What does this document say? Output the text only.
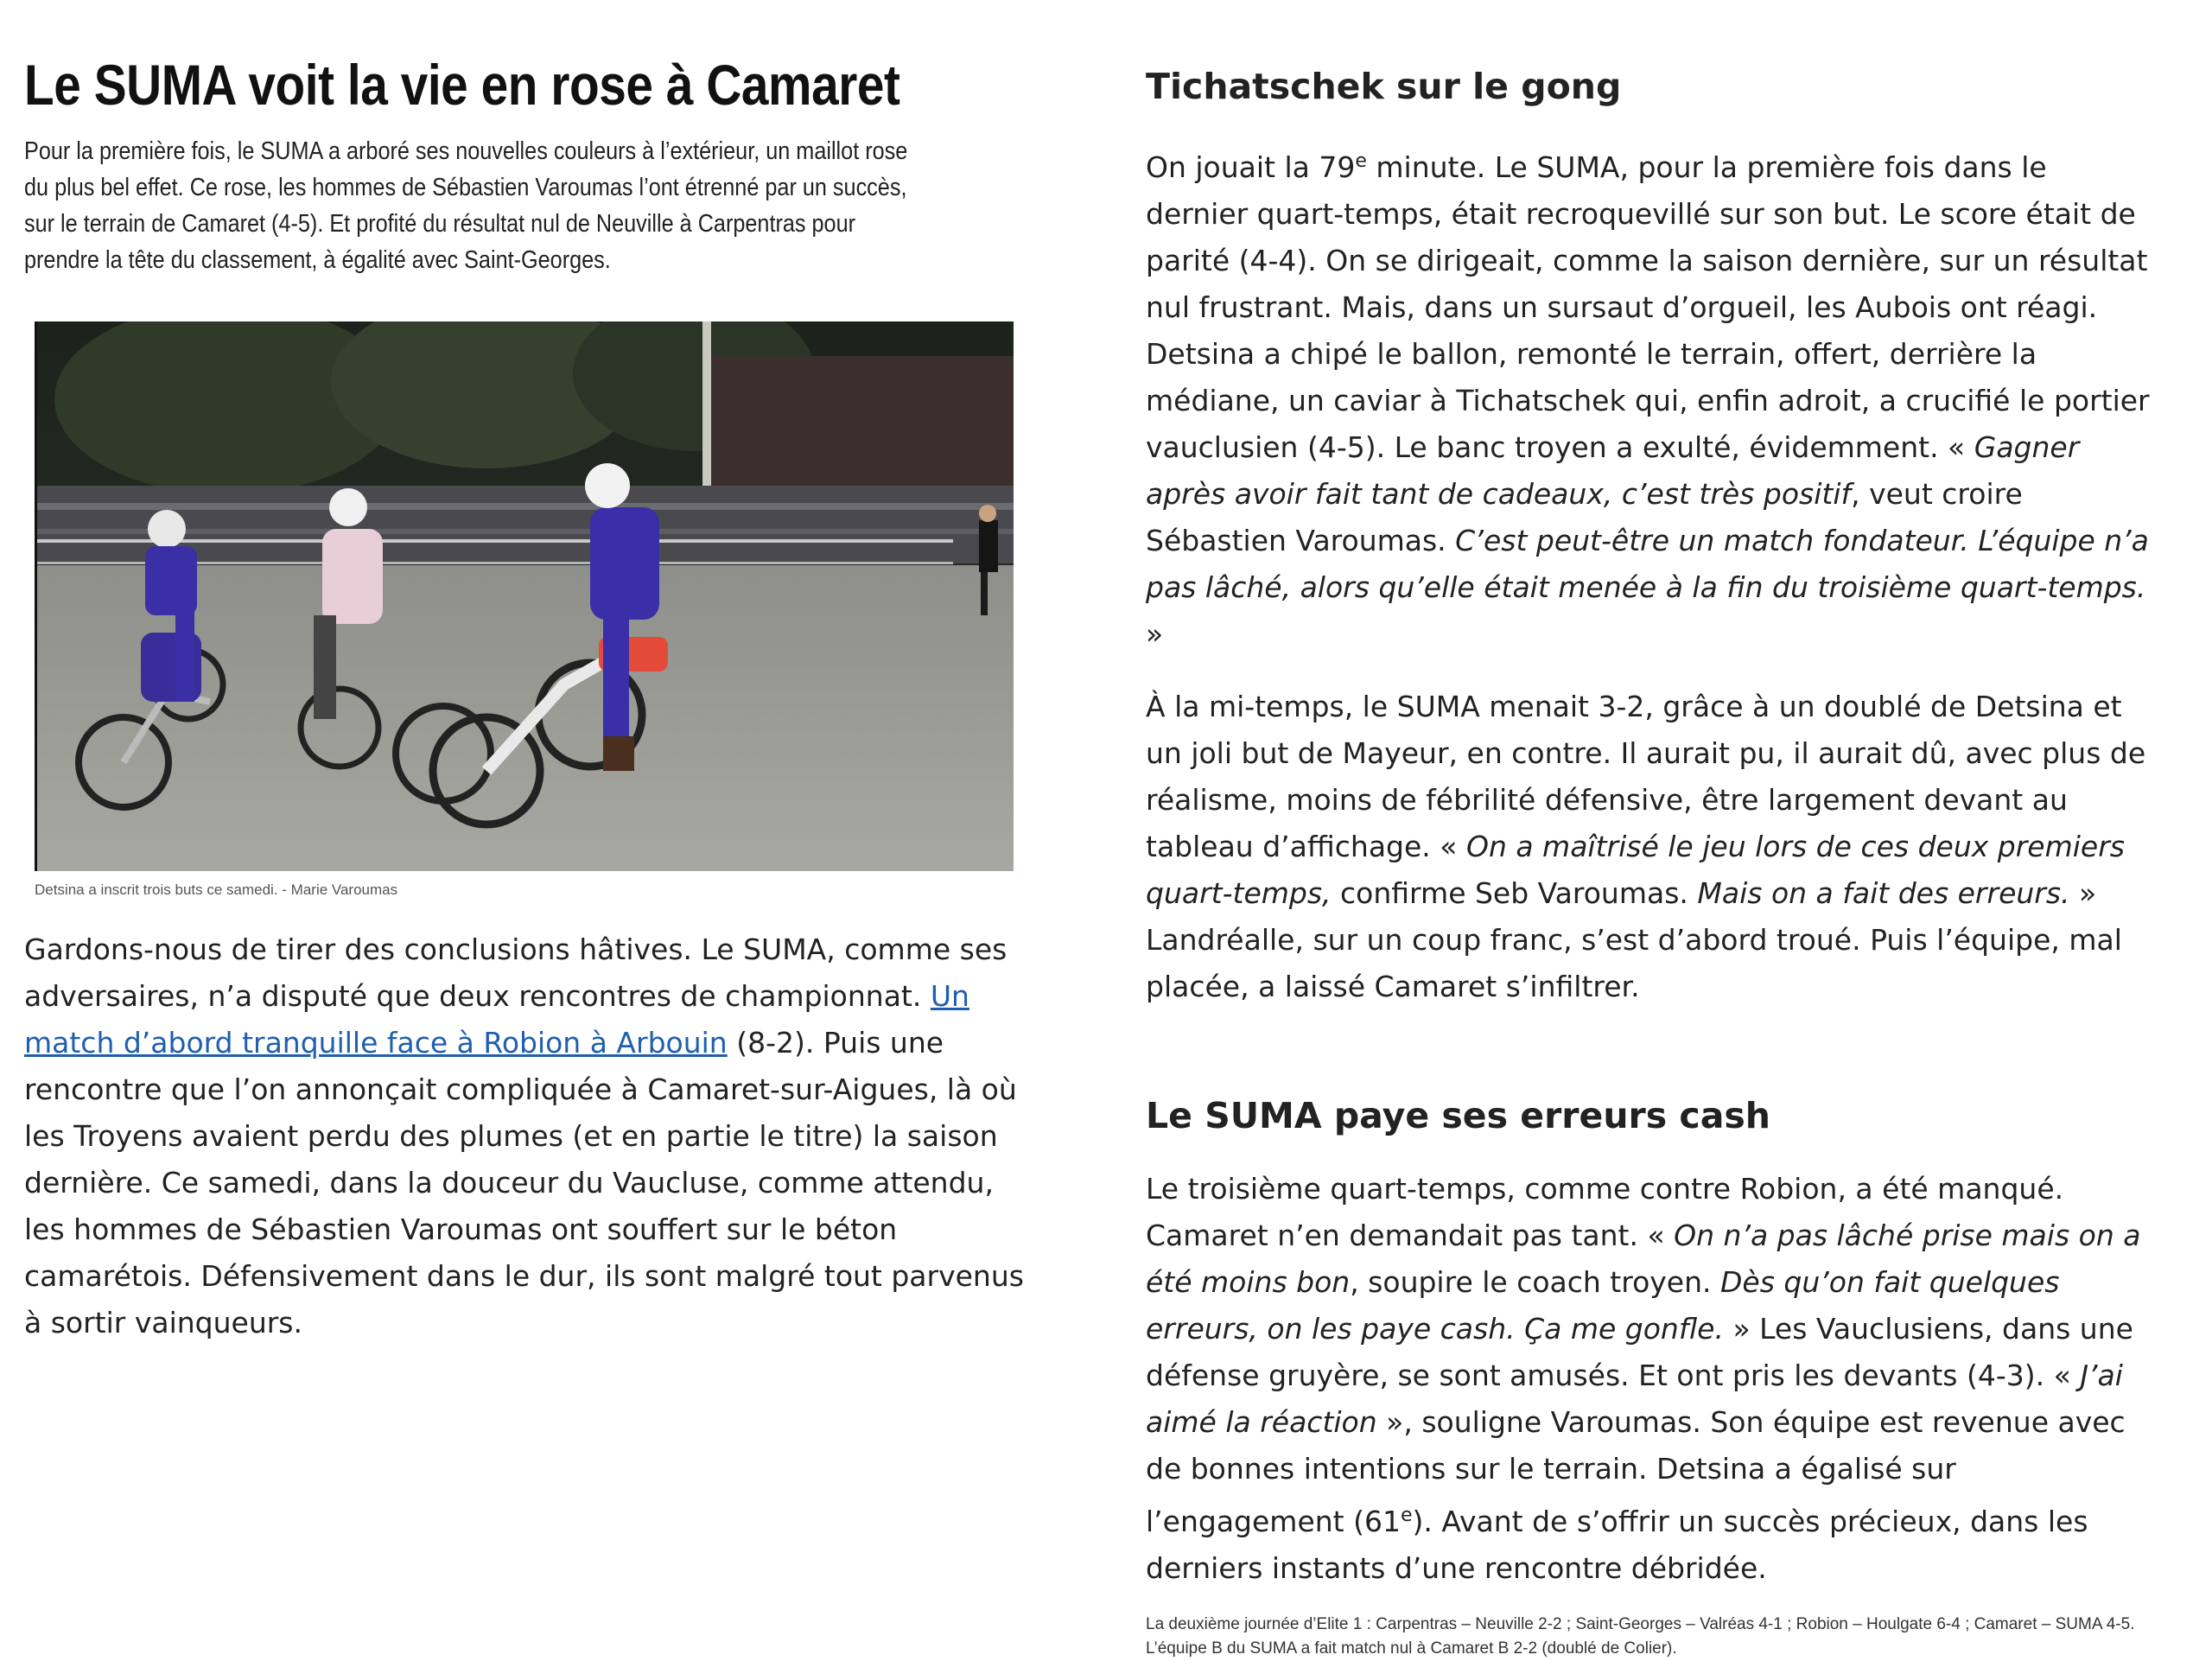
Le SUMA voit la vie en rose à Camaret
Pour la première fois, le SUMA a arboré ses nouvelles couleurs à l’extérieur, un maillot rose du plus bel effet. Ce rose, les hommes de Sébastien Varoumas l’ont étrenné par un succès, sur le terrain de Camaret (4-5). Et profité du résultat nul de Neuville à Carpentras pour prendre la tête du classement, à égalité avec Saint-Georges.
Detsina a inscrit trois buts ce samedi. - Marie Varoumas

Gardons-nous de tirer des conclusions hâtives. Le SUMA, comme ses adversaires, n’a disputé que deux rencontres de championnat. Un match d’abord tranquille face à Robion à Arbouin (8-2). Puis une rencontre que l’on annonçait compliquée à Camaret-sur-Aigues, là où les Troyens avaient perdu des plumes (et en partie le titre) la saison dernière. Ce samedi, dans la douceur du Vaucluse, comme attendu, les hommes de Sébastien Varoumas ont souffert sur le béton camarétois. Défensivement dans le dur, ils sont malgré tout parvenus à sortir vainqueurs.

Tichatschek sur le gong

On jouait la 79e minute. Le SUMA, pour la première fois dans le dernier quart-temps, était recroquevillé sur son but. Le score était de parité (4-4). On se dirigeait, comme la saison dernière, sur un résultat nul frustrant. Mais, dans un sursaut d’orgueil, les Aubois ont réagi. Detsina a chipé le ballon, remonté le terrain, offert, derrière la médiane, un caviar à Tichatschek qui, enfin adroit, a crucifié le portier vauclusien (4-5). Le banc troyen a exulté, évidemment. « Gagner après avoir fait tant de cadeaux, c’est très positif, veut croire Sébastien Varoumas. C’est peut-être un match fondateur. L’équipe n’a pas lâché, alors qu’elle était menée à la fin du troisième quart-temps. »

À la mi-temps, le SUMA menait 3-2, grâce à un doublé de Detsina et un joli but de Mayeur, en contre. Il aurait pu, il aurait dû, avec plus de réalisme, moins de fébrilité défensive, être largement devant au tableau d’affichage. « On a maîtrisé le jeu lors de ces deux premiers quart-temps, confirme Seb Varoumas. Mais on a fait des erreurs. » Landréalle, sur un coup franc, s’est d’abord troué. Puis l’équipe, mal placée, a laissé Camaret s’infiltrer.

Le SUMA paye ses erreurs cash

Le troisième quart-temps, comme contre Robion, a été manqué. Camaret n’en demandait pas tant. « On n’a pas lâché prise mais on a été moins bon, soupire le coach troyen. Dès qu’on fait quelques erreurs, on les paye cash. Ça me gonfle. » Les Vauclusiens, dans une défense gruyère, se sont amusés. Et ont pris les devants (4-3). « J’ai aimé la réaction », souligne Varoumas. Son équipe est revenue avec de bonnes intentions sur le terrain. Detsina a égalisé sur l’engagement (61e). Avant de s’offrir un succès précieux, dans les derniers instants d’une rencontre débridée.

La deuxième journée d’Elite 1 : Carpentras – Neuville 2-2 ; Saint-Georges – Valréas 4-1 ; Robion – Houlgate 6-4 ; Camaret – SUMA 4-5. L’équipe B du SUMA a fait match nul à Camaret B 2-2 (doublé de Colier).
